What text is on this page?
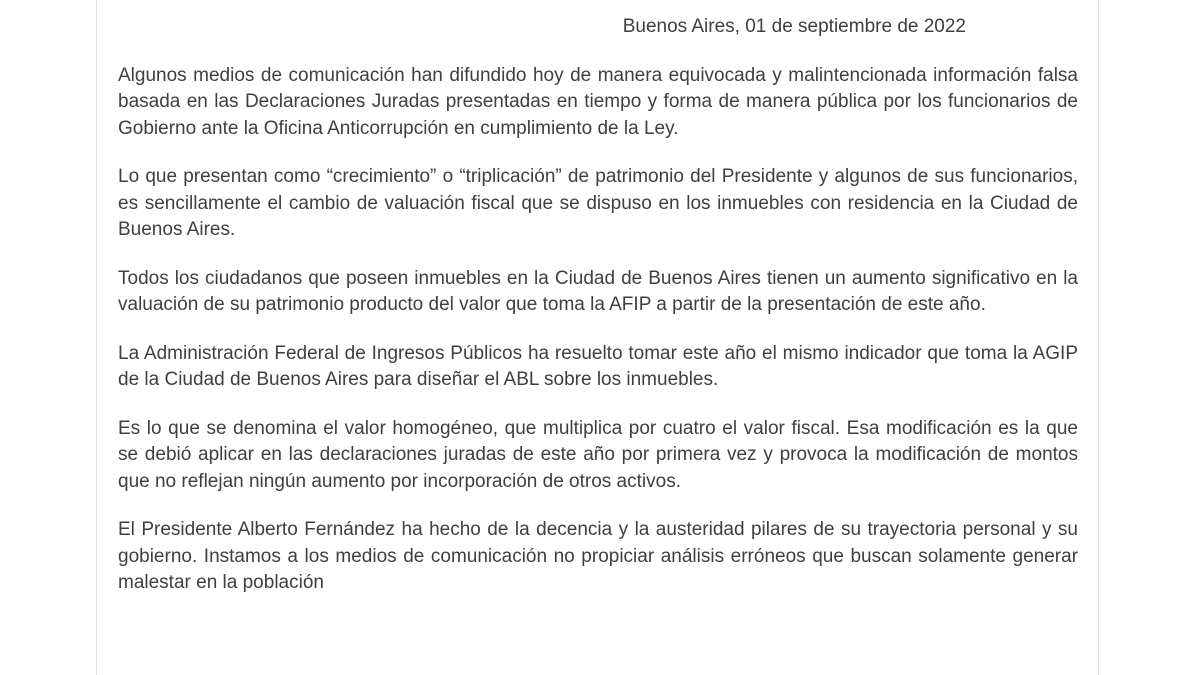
Buenos Aires, 01 de septiembre de 2022

Algunos medios de comunicación han difundido hoy de manera equivocada y malintencionada información falsa basada en las Declaraciones Juradas presentadas en tiempo y forma de manera pública por los funcionarios de Gobierno ante la Oficina Anticorrupción en cumplimiento de la Ley.

Lo que presentan como “crecimiento” o “triplicación” de patrimonio del Presidente y algunos de sus funcionarios, es sencillamente el cambio de valuación fiscal que se dispuso en los inmuebles con residencia en la Ciudad de Buenos Aires.

Todos los ciudadanos que poseen inmuebles en la Ciudad de Buenos Aires tienen un aumento significativo en la valuación de su patrimonio producto del valor que toma la AFIP a partir de la presentación de este año.

La Administración Federal de Ingresos Públicos ha resuelto tomar este año el mismo indicador que toma la AGIP de la Ciudad de Buenos Aires para diseñar el ABL sobre los inmuebles.

Es lo que se denomina el valor homogéneo, que multiplica por cuatro el valor fiscal. Esa modificación es la que se debió aplicar en las declaraciones juradas de este año por primera vez y provoca la modificación de montos que no reflejan ningún aumento por incorporación de otros activos.

El Presidente Alberto Fernández ha hecho de la decencia y la austeridad pilares de su trayectoria personal y su gobierno. Instamos a los medios de comunicación no propiciar análisis erróneos que buscan solamente generar malestar en la población
